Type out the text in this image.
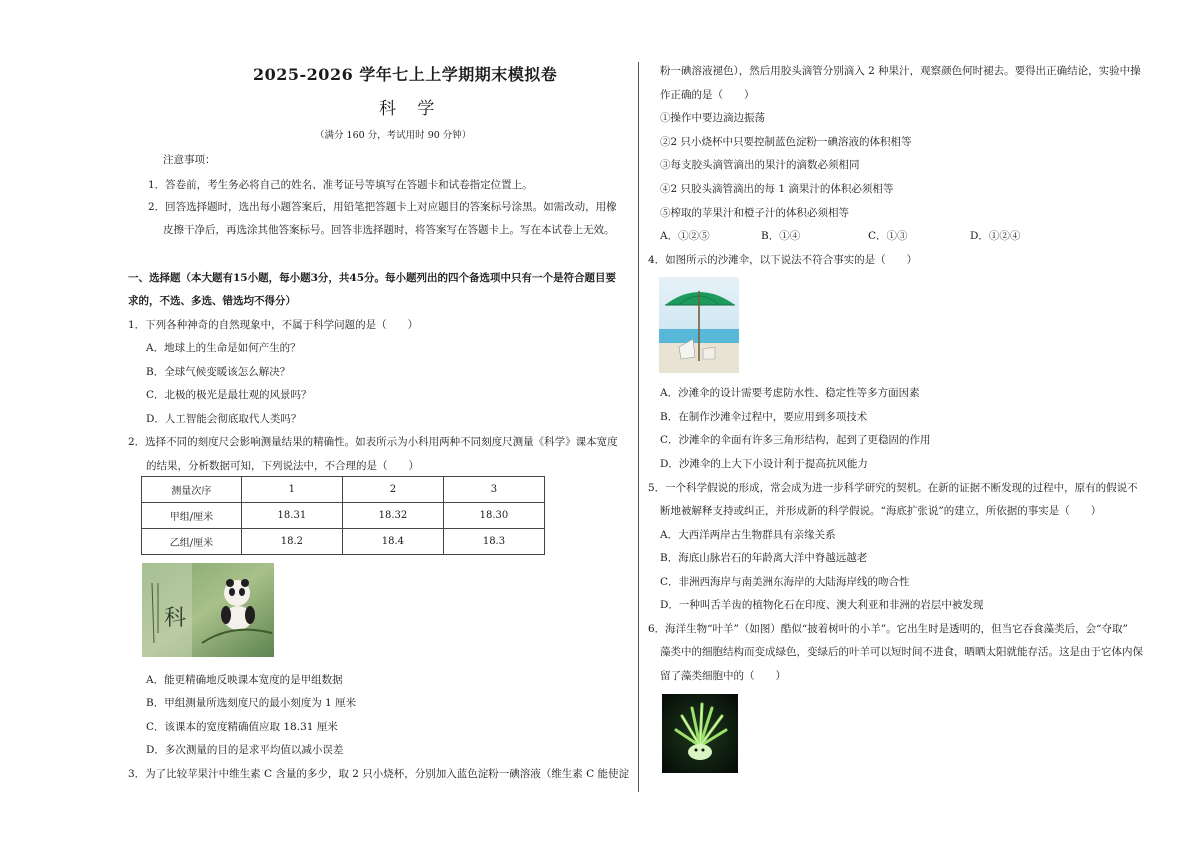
2025-2026 学年七上上学期期末模拟卷
科 学
（满分 160 分，考试用时 90 分钟）
注意事项：
1．答卷前，考生务必将自己的姓名、准考证号等填写在答题卡和试卷指定位置上。
2．回答选择题时，选出每小题答案后，用铅笔把答题卡上对应题目的答案标号涂黑。如需改动，用橡
皮擦干净后，再选涂其他答案标号。回答非选择题时，将答案写在答题卡上。写在本试卷上无效。
一、选择题（本大题有15小题，每小题3分，共45分。每小题列出的四个备选项中只有一个是符合题目要
求的，不选、多选、错选均不得分）
1．下列各种神奇的自然现象中，不属于科学问题的是（　　）
A．地球上的生命是如何产生的？
B．全球气候变暖该怎么解决？
C．北极的极光是最壮观的风景吗？
D．人工智能会彻底取代人类吗？
2．选择不同的刻度尺会影响测量结果的精确性。如表所示为小科用两种不同刻度尺测量《科学》课本宽度
的结果，分析数据可知，下列说法中，不合理的是（　　）
测量次序	1	2	3
甲组/厘米	18.31	18.32	18.30
乙组/厘米	18.2	18.4	18.3
科
A．能更精确地反映课本宽度的是甲组数据
B．甲组测量所选刻度尺的最小刻度为 1 厘米
C．该课本的宽度精确值应取 18.31 厘米
D．多次测量的目的是求平均值以减小误差
3．为了比较苹果汁中维生素 C 含量的多少，取 2 只小烧杯，分别加入蓝色淀粉一碘溶液（维生素 C 能使淀
粉一碘溶液褪色），然后用胶头滴管分别滴入 2 种果汁，观察颜色何时褪去。要得出正确结论，实验中操
作正确的是（　　）
①操作中要边滴边振荡
②2 只小烧杯中只要控制蓝色淀粉一碘溶液的体积相等
③每支胶头滴管滴出的果汁的滴数必须相同
④2 只胶头滴管滴出的每 1 滴果汁的体积必须相等
⑤榨取的苹果汁和橙子汁的体积必须相等
A．①②⑤	B．①④	C．①③	D．①②④
4．如图所示的沙滩伞，以下说法不符合事实的是（　　）
A．沙滩伞的设计需要考虑防水性、稳定性等多方面因素
B．在制作沙滩伞过程中，要应用到多项技术
C．沙滩伞的伞面有许多三角形结构，起到了更稳固的作用
D．沙滩伞的上大下小设计利于提高抗风能力
5．一个科学假说的形成，常会成为进一步科学研究的契机。在新的证据不断发现的过程中，原有的假说不
断地被解释支持或纠正，并形成新的科学假说。“海底扩张说”的建立，所依据的事实是（　　）
A．大西洋两岸古生物群具有亲缘关系
B．海底山脉岩石的年龄离大洋中脊越远越老
C．非洲西海岸与南美洲东海岸的大陆海岸线的吻合性
D．一种叫舌羊齿的植物化石在印度、澳大利亚和非洲的岩层中被发现
6．海洋生物“叶羊”（如图）酷似“披着树叶的小羊”。它出生时是透明的，但当它吞食藻类后，会“夺取”
藻类中的细胞结构而变成绿色，变绿后的叶羊可以短时间不进食，晒晒太阳就能存活。这是由于它体内保
留了藻类细胞中的（　　）
